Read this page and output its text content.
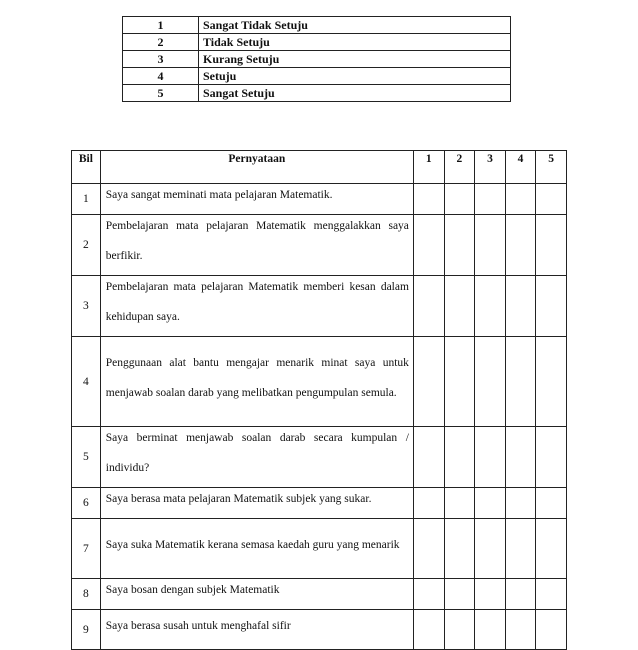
1	Sangat Tidak Setuju
2	Tidak Setuju
3	Kurang Setuju
4	Setuju
5	Sangat Setuju
Bil	Pernyataan	1	2	3	4	5
1	Saya sangat meminati mata pelajaran Matematik.					

2	Pembelajaran mata pelajaran Matematik menggalakkan saya berfikir.					

3	Pembelajaran mata pelajaran Matematik memberi kesan dalam kehidupan saya.					

4	Penggunaan alat bantu mengajar menarik minat saya untuk menjawab soalan darab yang melibatkan pengumpulan semula.					

5	Saya berminat menjawab soalan darab secara kumpulan / individu?					

6	Saya berasa mata pelajaran Matematik subjek yang sukar.					

7	Saya suka Matematik kerana semasa kaedah guru yang menarik					

8	Saya bosan dengan subjek Matematik					

9	Saya berasa susah untuk menghafal sifir					
